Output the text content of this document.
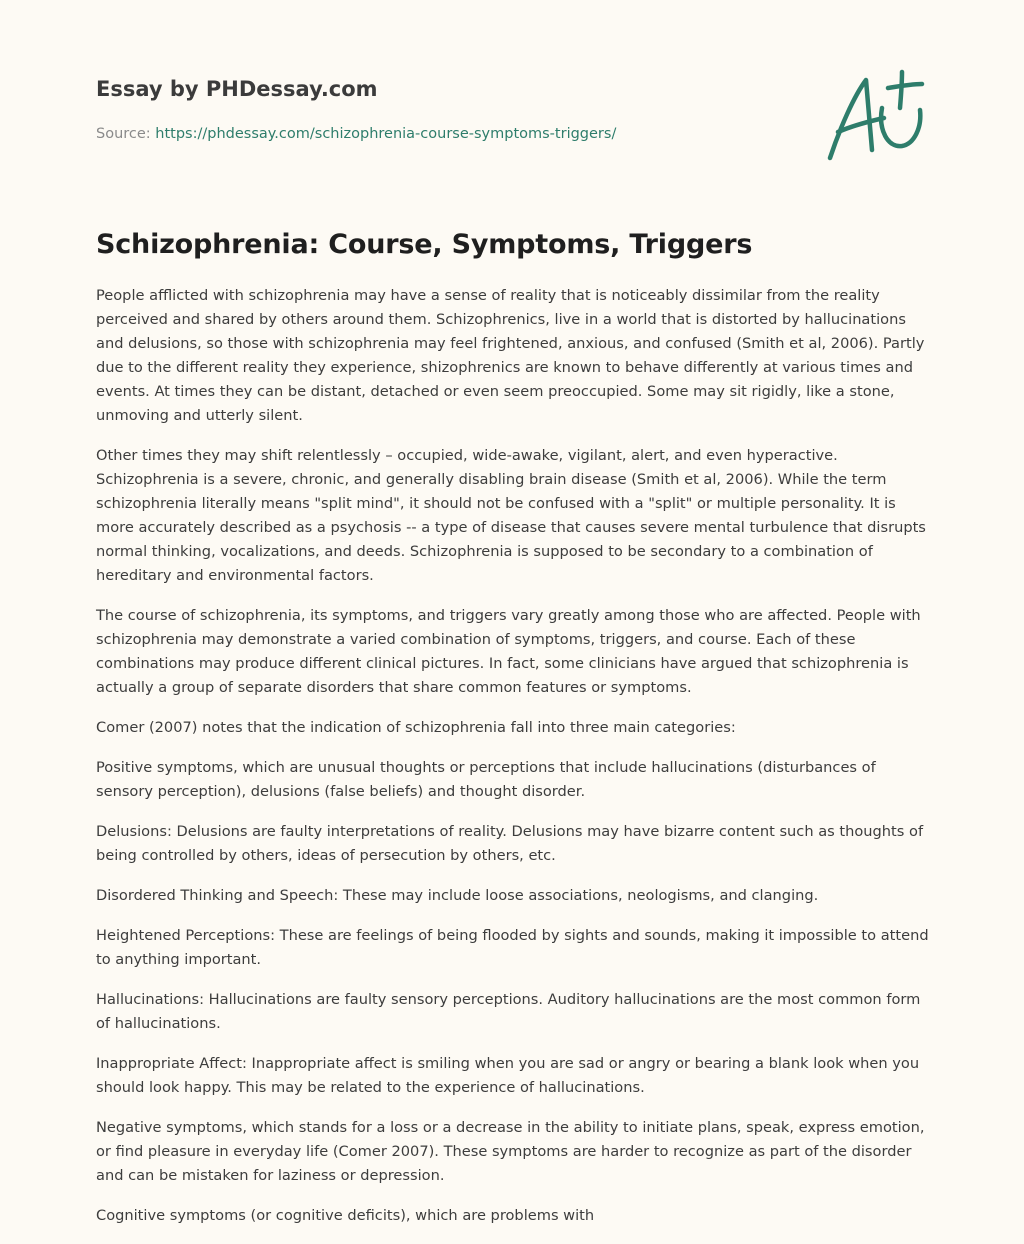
Essay by PHDessay.com
Source: https://phdessay.com/schizophrenia-course-symptoms-triggers/
Schizophrenia: Course, Symptoms, Triggers

People afflicted with schizophrenia may have a sense of reality that is noticeably dissimilar from the reality perceived and shared by others around them. Schizophrenics, live in a world that is distorted by hallucinations and delusions, so those with schizophrenia may feel frightened, anxious, and confused (Smith et al, 2006). Partly due to the different reality they experience, shizophrenics are known to behave differently at various times and events. At times they can be distant, detached or even seem preoccupied. Some may sit rigidly, like a stone, unmoving and utterly silent.

Other times they may shift relentlessly – occupied, wide-awake, vigilant, alert, and even hyperactive. Schizophrenia is a severe, chronic, and generally disabling brain disease (Smith et al, 2006). While the term schizophrenia literally means "split mind", it should not be confused with a "split" or multiple personality. It is more accurately described as a psychosis -- a type of disease that causes severe mental turbulence that disrupts normal thinking, vocalizations, and deeds. Schizophrenia is supposed to be secondary to a combination of hereditary and environmental factors.

The course of schizophrenia, its symptoms, and triggers vary greatly among those who are affected. People with schizophrenia may demonstrate a varied combination of symptoms, triggers, and course. Each of these combinations may produce different clinical pictures. In fact, some clinicians have argued that schizophrenia is actually a group of separate disorders that share common features or symptoms.

Comer (2007) notes that the indication of schizophrenia fall into three main categories:

Positive symptoms, which are unusual thoughts or perceptions that include hallucinations (disturbances of sensory perception), delusions (false beliefs) and thought disorder.

Delusions: Delusions are faulty interpretations of reality. Delusions may have bizarre content such as thoughts of being controlled by others, ideas of persecution by others, etc.

Disordered Thinking and Speech: These may include loose associations, neologisms, and clanging.

Heightened Perceptions: These are feelings of being flooded by sights and sounds, making it impossible to attend to anything important.

Hallucinations: Hallucinations are faulty sensory perceptions. Auditory hallucinations are the most common form of hallucinations.

Inappropriate Affect: Inappropriate affect is smiling when you are sad or angry or bearing a blank look when you should look happy. This may be related to the experience of hallucinations.

Negative symptoms, which stands for a loss or a decrease in the ability to initiate plans, speak, express emotion, or find pleasure in everyday life (Comer 2007). These symptoms are harder to recognize as part of the disorder and can be mistaken for laziness or depression.

Cognitive symptoms (or cognitive deficits), which are problems with
